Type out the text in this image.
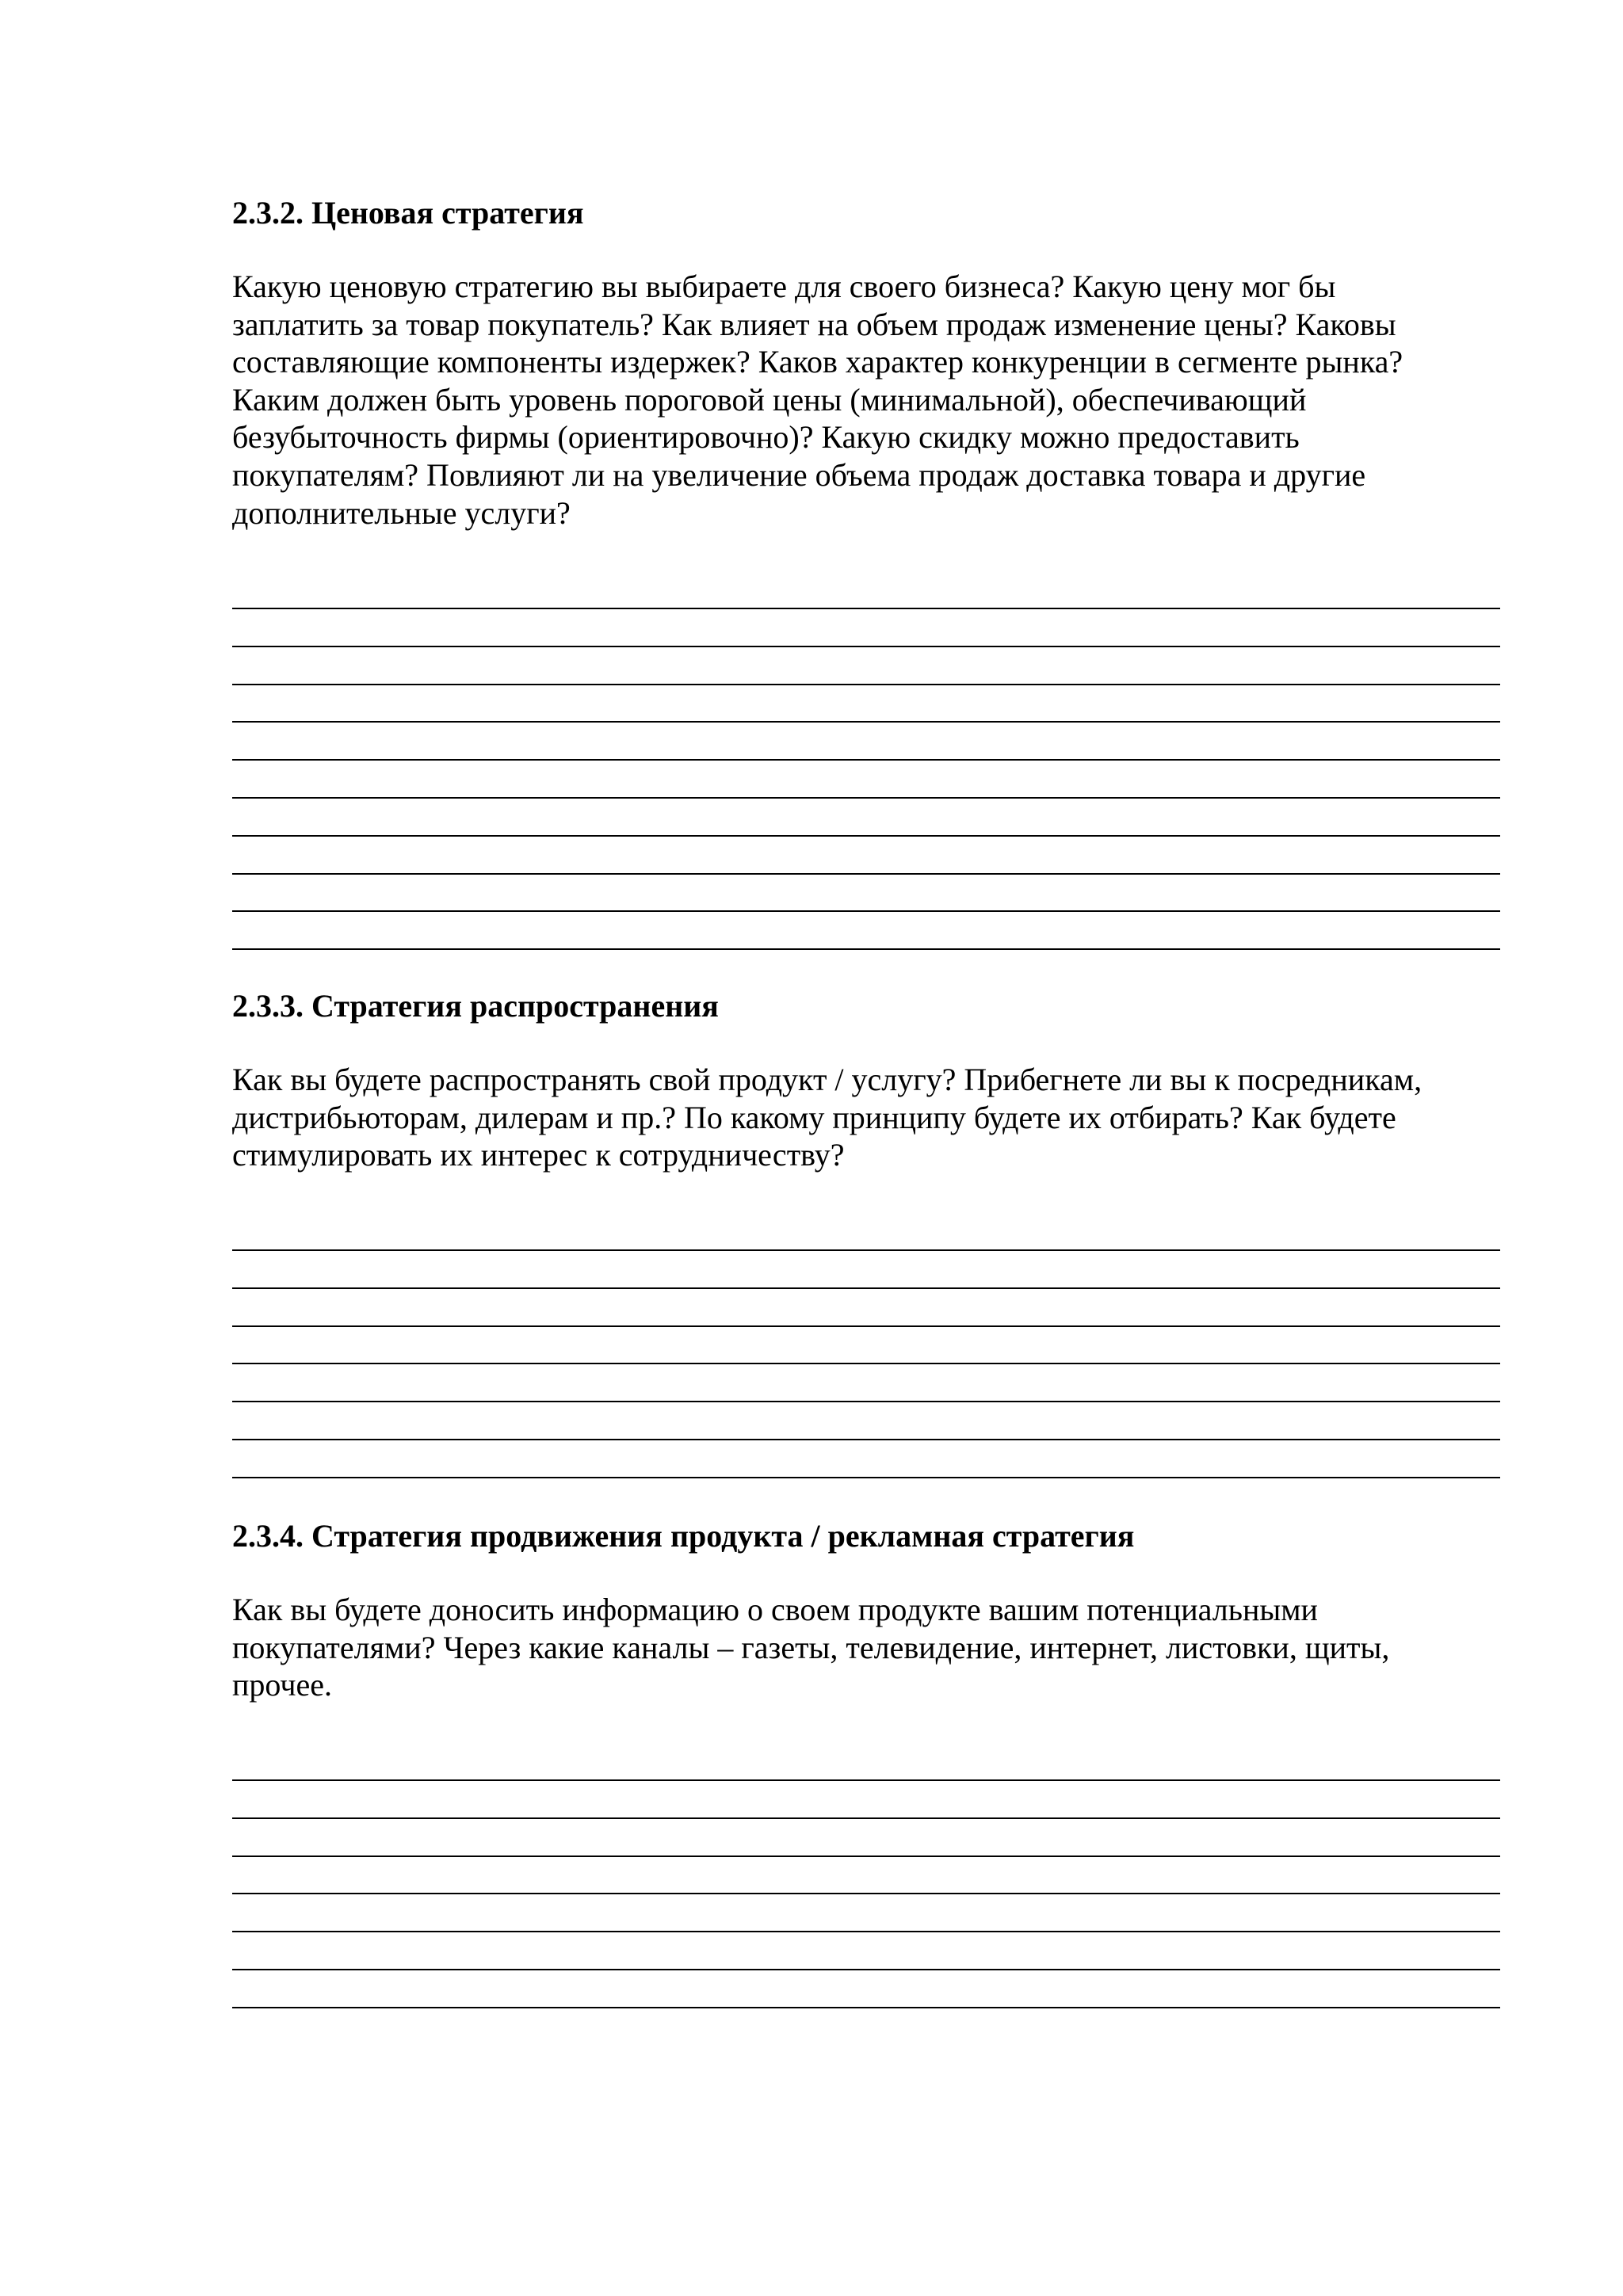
2.3.2. Ценовая стратегия
Какую ценовую стратегию вы выбираете для своего бизнеса? Какую цену мог бы
заплатить за товар покупатель? Как влияет на объем продаж изменение цены? Каковы
составляющие компоненты издержек? Каков характер конкуренции в сегменте рынка?
Каким должен быть уровень пороговой цены (минимальной), обеспечивающий
безубыточность фирмы (ориентировочно)? Какую скидку можно предоставить
покупателям? Повлияют ли на увеличение объема продаж доставка товара и другие
дополнительные услуги?
2.3.3. Стратегия распространения
Как вы будете распространять свой продукт / услугу? Прибегнете ли вы к посредникам,
дистрибьюторам, дилерам и пр.? По какому принципу будете их отбирать? Как будете
стимулировать их интерес к сотрудничеству?
2.3.4. Стратегия продвижения продукта / рекламная стратегия
Как вы будете доносить информацию о своем продукте вашим потенциальными
покупателями? Через какие каналы – газеты, телевидение, интернет, листовки, щиты,
прочее.
